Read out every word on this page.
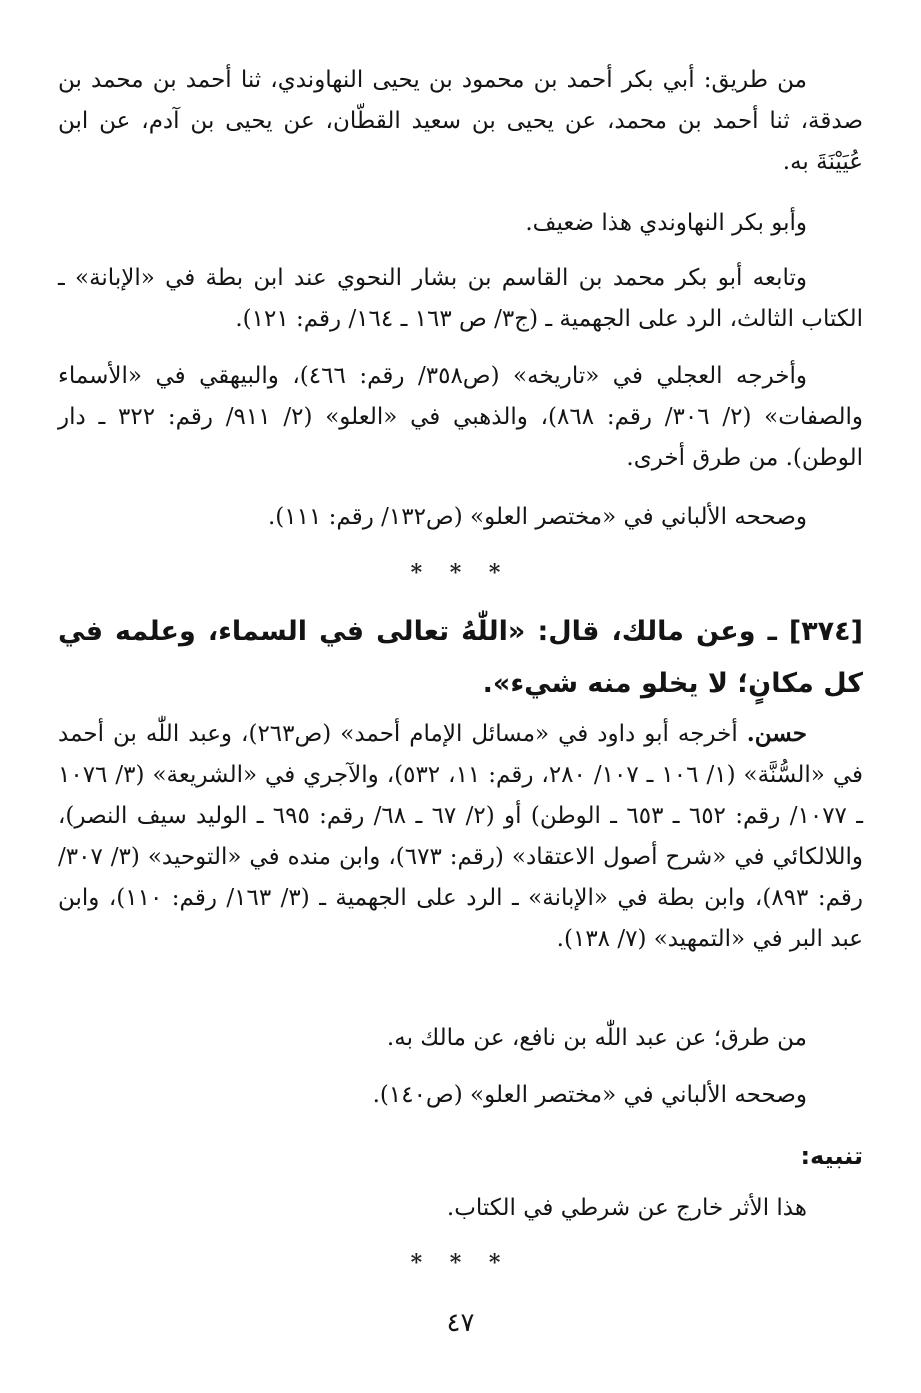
من طريق: أبي بكر أحمد بن محمود بن يحيى النهاوندي، ثنا أحمد بن محمد بن صدقة، ثنا أحمد بن محمد، عن يحيى بن سعيد القطّان، عن يحيى بن آدم، عن ابن عُيَيْنَةَ به.

وأبو بكر النهاوندي هذا ضعيف.

وتابعه أبو بكر محمد بن القاسم بن بشار النحوي عند ابن بطة في «الإبانة» ـ الكتاب الثالث، الرد على الجهمية ـ (ج٣/ ص ١٦٣ ـ ١٦٤/ رقم: ١٢١).

وأخرجه العجلي في «تاريخه» (ص٣٥٨/ رقم: ٤٦٦)، والبيهقي في «الأسماء والصفات» (٢/ ٣٠٦/ رقم: ٨٦٨)، والذهبي في «العلو» (٢/ ٩١١/ رقم: ٣٢٢ ـ دار الوطن). من طرق أخرى.

وصححه الألباني في «مختصر العلو» (ص١٣٢/ رقم: ١١١).

* * *

[٣٧٤] ـ وعن مالك، قال: «اللّٰهُ تعالى في السماء، وعلمه في كل مكانٍ؛ لا يخلو منه شيء».

حسن. أخرجه أبو داود في «مسائل الإمام أحمد» (ص٢٦٣)، وعبد اللّٰه بن أحمد في «السُّنَّة» (١/ ١٠٦ ـ ١٠٧/ ٢٨٠، رقم: ١١، ٥٣٢)، والآجري في «الشريعة» (٣/ ١٠٧٦ ـ ١٠٧٧/ رقم: ٦٥٢ ـ ٦٥٣ ـ الوطن) أو (٢/ ٦٧ ـ ٦٨/ رقم: ٦٩٥ ـ الوليد سيف النصر)، واللالكائي في «شرح أصول الاعتقاد» (رقم: ٦٧٣)، وابن منده في «التوحيد» (٣/ ٣٠٧/ رقم: ٨٩٣)، وابن بطة في «الإبانة» ـ الرد على الجهمية ـ (٣/ ١٦٣/ رقم: ١١٠)، وابن عبد البر في «التمهيد» (٧/ ١٣٨).

من طرق؛ عن عبد اللّٰه بن نافع، عن مالك به.

وصححه الألباني في «مختصر العلو» (ص١٤٠).

تنبيه:

هذا الأثر خارج عن شرطي في الكتاب.

* * *
٤٧
